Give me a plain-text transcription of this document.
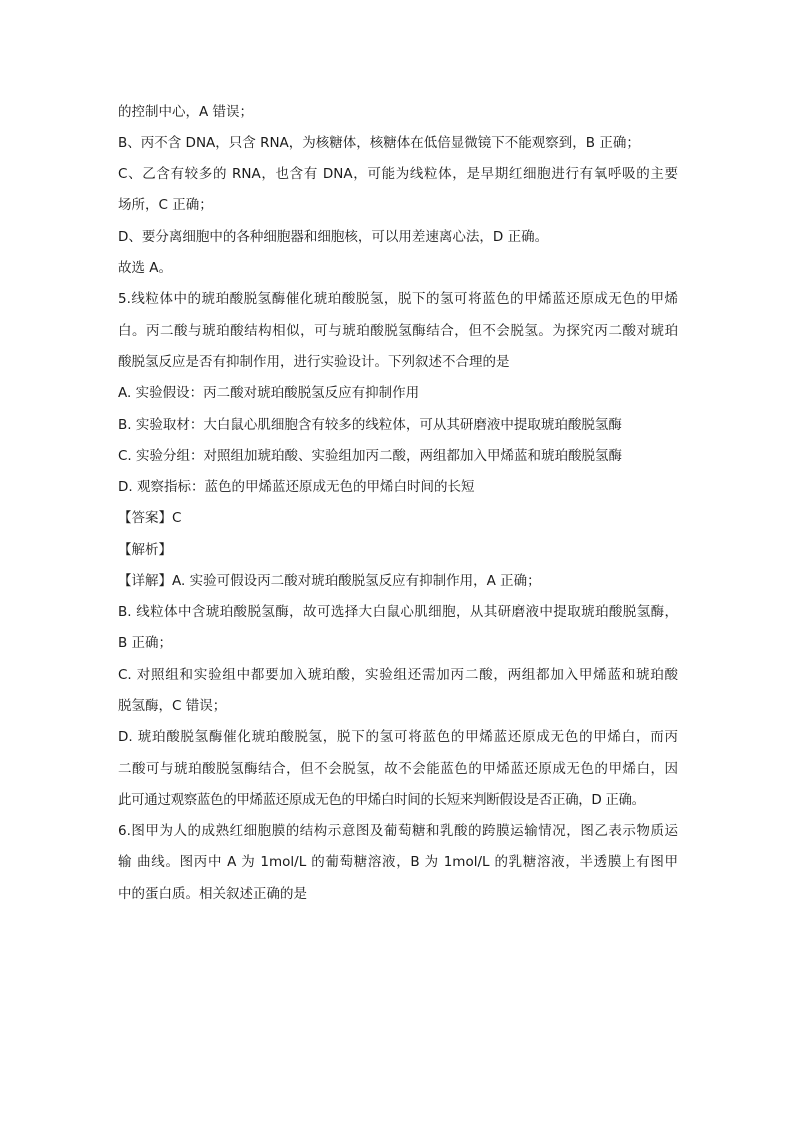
的控制中心，A 错误；
B、丙不含 DNA，只含 RNA，为核糖体，核糖体在低倍显微镜下不能观察到，B 正确；
C、乙含有较多的 RNA，也含有 DNA，可能为线粒体，是早期红细胞进行有氧呼吸的主要
场所，C 正确；
D、要分离细胞中的各种细胞器和细胞核，可以用差速离心法，D 正确。
故选 A。
5.线粒体中的琥珀酸脱氢酶催化琥珀酸脱氢，脱下的氢可将蓝色的甲烯蓝还原成无色的甲烯
白。丙二酸与琥珀酸结构相似，可与琥珀酸脱氢酶结合，但不会脱氢。为探究丙二酸对琥珀
酸脱氢反应是否有抑制作用，进行实验设计。下列叙述不合理的是
A. 实验假设：丙二酸对琥珀酸脱氢反应有抑制作用
B. 实验取材：大白鼠心肌细胞含有较多的线粒体，可从其研磨液中提取琥珀酸脱氢酶
C. 实验分组：对照组加琥珀酸、实验组加丙二酸，两组都加入甲烯蓝和琥珀酸脱氢酶
D. 观察指标：蓝色的甲烯蓝还原成无色的甲烯白时间的长短
【答案】C
【解析】
【详解】A. 实验可假设丙二酸对琥珀酸脱氢反应有抑制作用，A 正确；
B. 线粒体中含琥珀酸脱氢酶，故可选择大白鼠心肌细胞，从其研磨液中提取琥珀酸脱氢酶，
B 正确；
C. 对照组和实验组中都要加入琥珀酸，实验组还需加丙二酸，两组都加入甲烯蓝和琥珀酸
脱氢酶，C 错误；
D. 琥珀酸脱氢酶催化琥珀酸脱氢，脱下的氢可将蓝色的甲烯蓝还原成无色的甲烯白，而丙
二酸可与琥珀酸脱氢酶结合，但不会脱氢，故不会能蓝色的甲烯蓝还原成无色的甲烯白，因
此可通过观察蓝色的甲烯蓝还原成无色的甲烯白时间的长短来判断假设是否正确，D 正确。
6.图甲为人的成熟红细胞膜的结构示意图及葡萄糖和乳酸的跨膜运输情况，图乙表示物质运
输 曲线。图丙中 A 为 1mol/L 的葡萄糖溶液，B 为 1mol/L 的乳糖溶液，半透膜上有图甲
中的蛋白质。相关叙述正确的是
